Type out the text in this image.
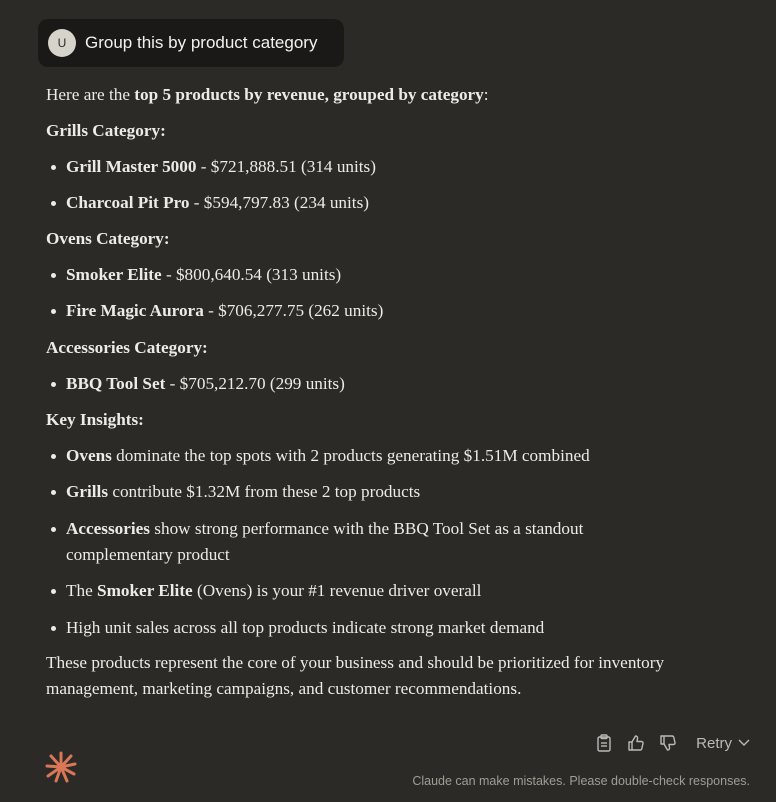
U	Group this by product category

Here are the top 5 products by revenue, grouped by category:

Grills Category:

Grill Master 5000 - $721,888.51 (314 units)
Charcoal Pit Pro - $594,797.83 (234 units)

Ovens Category:

Smoker Elite - $800,640.54 (313 units)
Fire Magic Aurora - $706,277.75 (262 units)

Accessories Category:

BBQ Tool Set - $705,212.70 (299 units)

Key Insights:

Ovens dominate the top spots with 2 products generating $1.51M combined
Grills contribute $1.32M from these 2 top products
Accessories show strong performance with the BBQ Tool Set as a standout complementary product
The Smoker Elite (Ovens) is your #1 revenue driver overall
High unit sales across all top products indicate strong market demand

These products represent the core of your business and should be prioritized for inventory management, marketing campaigns, and customer recommendations.

Retry
Claude can make mistakes. Please double-check responses.
